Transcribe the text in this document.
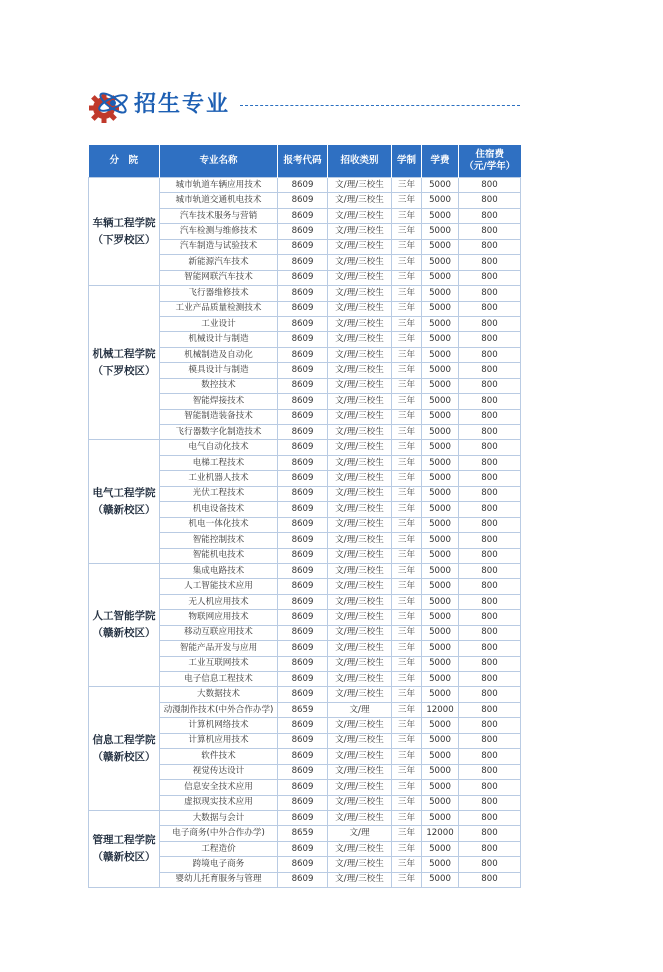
招生专业
分　院	专业名称	报考代码	招收类别	学制	学费	住宿费
（元/学年）

车辆工程学院
（下罗校区）	城市轨道车辆应用技术	8609	文/理/三校生	三年	5000	800
	城市轨道交通机电技术	8609	文/理/三校生	三年	5000	800
	汽车技术服务与营销	8609	文/理/三校生	三年	5000	800
	汽车检测与维修技术	8609	文/理/三校生	三年	5000	800
	汽车制造与试验技术	8609	文/理/三校生	三年	5000	800
	新能源汽车技术	8609	文/理/三校生	三年	5000	800
	智能网联汽车技术	8609	文/理/三校生	三年	5000	800

机械工程学院
（下罗校区）	飞行器维修技术	8609	文/理/三校生	三年	5000	800
	工业产品质量检测技术	8609	文/理/三校生	三年	5000	800
	工业设计	8609	文/理/三校生	三年	5000	800
	机械设计与制造	8609	文/理/三校生	三年	5000	800
	机械制造及自动化	8609	文/理/三校生	三年	5000	800
	模具设计与制造	8609	文/理/三校生	三年	5000	800
	数控技术	8609	文/理/三校生	三年	5000	800
	智能焊接技术	8609	文/理/三校生	三年	5000	800
	智能制造装备技术	8609	文/理/三校生	三年	5000	800
	飞行器数字化制造技术	8609	文/理/三校生	三年	5000	800

电气工程学院
（赣新校区）	电气自动化技术	8609	文/理/三校生	三年	5000	800
	电梯工程技术	8609	文/理/三校生	三年	5000	800
	工业机器人技术	8609	文/理/三校生	三年	5000	800
	光伏工程技术	8609	文/理/三校生	三年	5000	800
	机电设备技术	8609	文/理/三校生	三年	5000	800
	机电一体化技术	8609	文/理/三校生	三年	5000	800
	智能控制技术	8609	文/理/三校生	三年	5000	800
	智能机电技术	8609	文/理/三校生	三年	5000	800

人工智能学院
（赣新校区）	集成电路技术	8609	文/理/三校生	三年	5000	800
	人工智能技术应用	8609	文/理/三校生	三年	5000	800
	无人机应用技术	8609	文/理/三校生	三年	5000	800
	物联网应用技术	8609	文/理/三校生	三年	5000	800
	移动互联应用技术	8609	文/理/三校生	三年	5000	800
	智能产品开发与应用	8609	文/理/三校生	三年	5000	800
	工业互联网技术	8609	文/理/三校生	三年	5000	800
	电子信息工程技术	8609	文/理/三校生	三年	5000	800

信息工程学院
（赣新校区）	大数据技术	8609	文/理/三校生	三年	5000	800
	动漫制作技术(中外合作办学)	8659	文/理	三年	12000	800
	计算机网络技术	8609	文/理/三校生	三年	5000	800
	计算机应用技术	8609	文/理/三校生	三年	5000	800
	软件技术	8609	文/理/三校生	三年	5000	800
	视觉传达设计	8609	文/理/三校生	三年	5000	800
	信息安全技术应用	8609	文/理/三校生	三年	5000	800
	虚拟现实技术应用	8609	文/理/三校生	三年	5000	800

管理工程学院
（赣新校区）	大数据与会计	8609	文/理/三校生	三年	5000	800
	电子商务(中外合作办学)	8659	文/理	三年	12000	800
	工程造价	8609	文/理/三校生	三年	5000	800
	跨境电子商务	8609	文/理/三校生	三年	5000	800
	婴幼儿托育服务与管理	8609	文/理/三校生	三年	5000	800
